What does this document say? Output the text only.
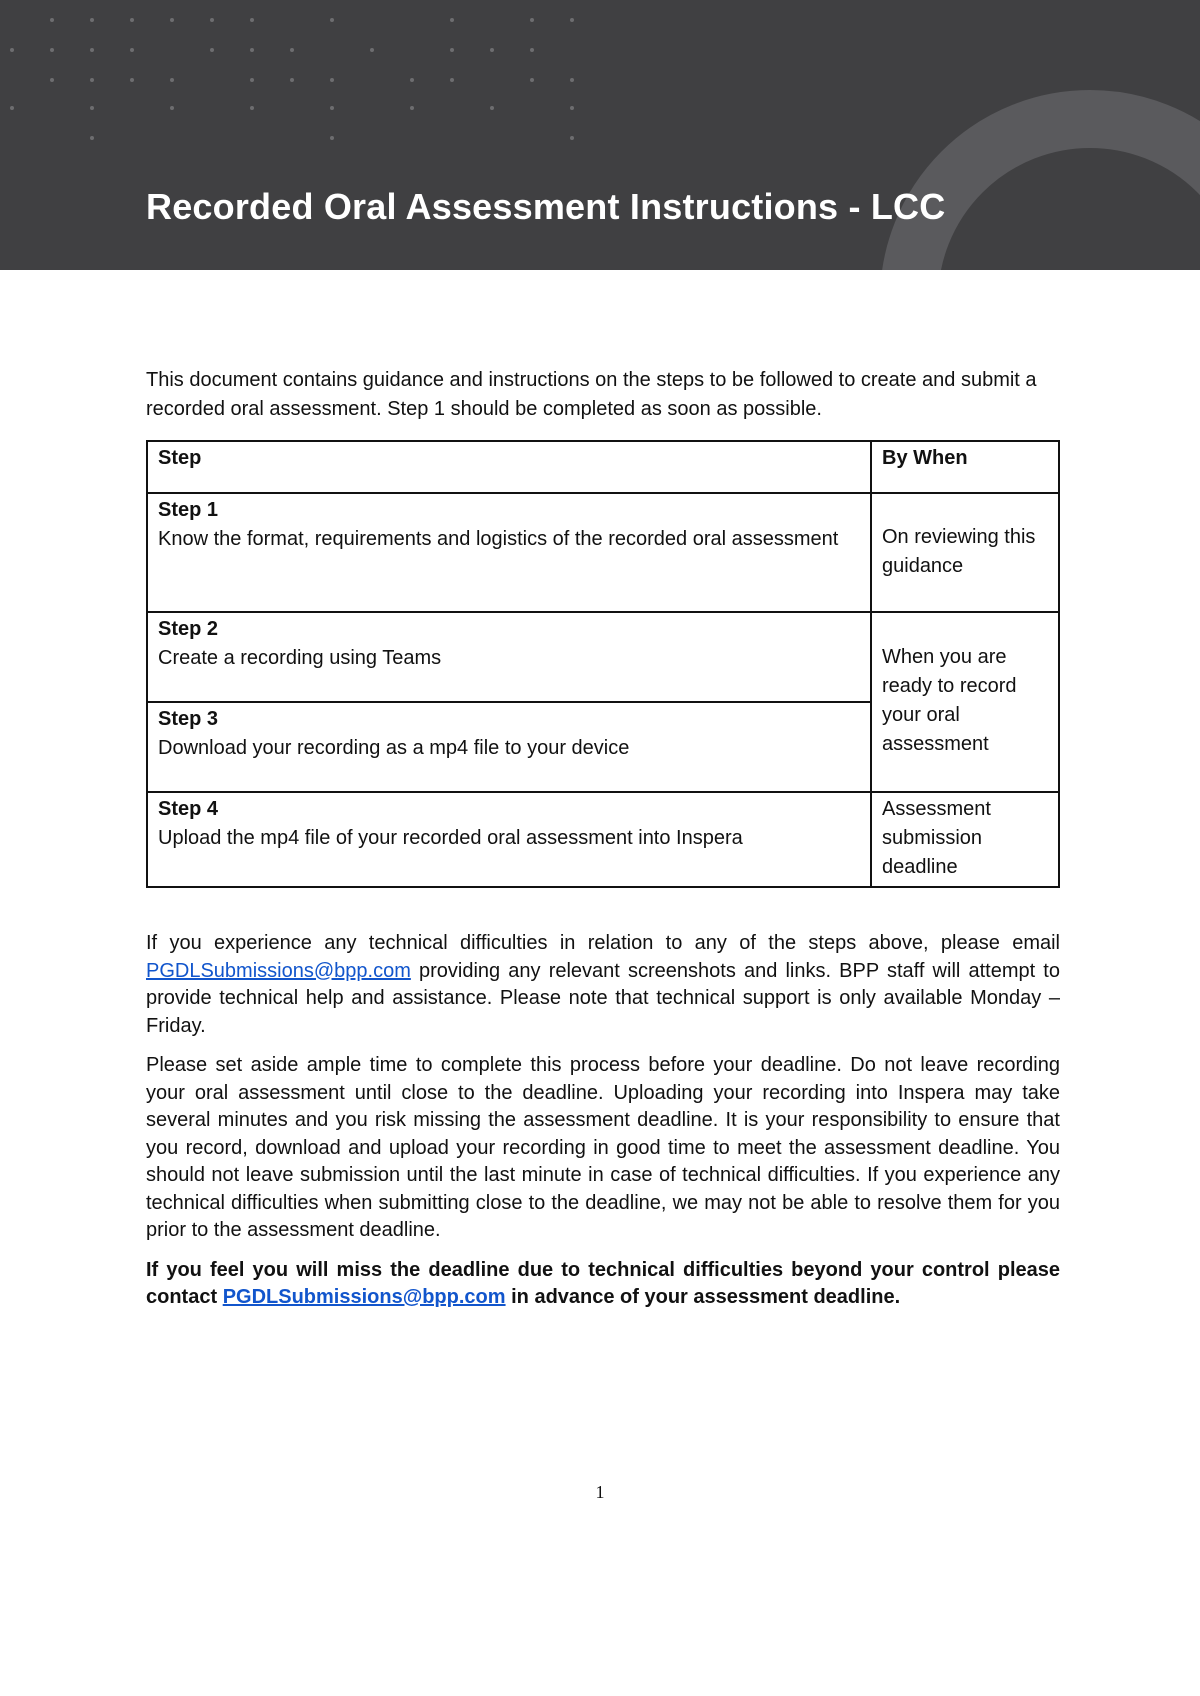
Recorded Oral Assessment Instructions - LCC

This document contains guidance and instructions on the steps to be followed to create and submit a recorded oral assessment. Step 1 should be completed as soon as possible.

Step	By When

Step 1
Know the format, requirements and logistics of the recorded oral assessment	On reviewing this guidance

Step 2
Create a recording using Teams	When you are ready to record your oral assessment

Step 3
Download your recording as a mp4 file to your device	

Step 4
Upload the mp4 file of your recorded oral assessment into Inspera	Assessment submission deadline

If you experience any technical difficulties in relation to any of the steps above, please email PGDLSubmissions@bpp.com providing any relevant screenshots and links. BPP staff will attempt to provide technical help and assistance. Please note that technical support is only available Monday – Friday.

Please set aside ample time to complete this process before your deadline. Do not leave recording your oral assessment until close to the deadline. Uploading your recording into Inspera may take several minutes and you risk missing the assessment deadline. It is your responsibility to ensure that you record, download and upload your recording in good time to meet the assessment deadline. You should not leave submission until the last minute in case of technical difficulties. If you experience any technical difficulties when submitting close to the deadline, we may not be able to resolve them for you prior to the assessment deadline.

If you feel you will miss the deadline due to technical difficulties beyond your control please contact PGDLSubmissions@bpp.com in advance of your assessment deadline.

1
